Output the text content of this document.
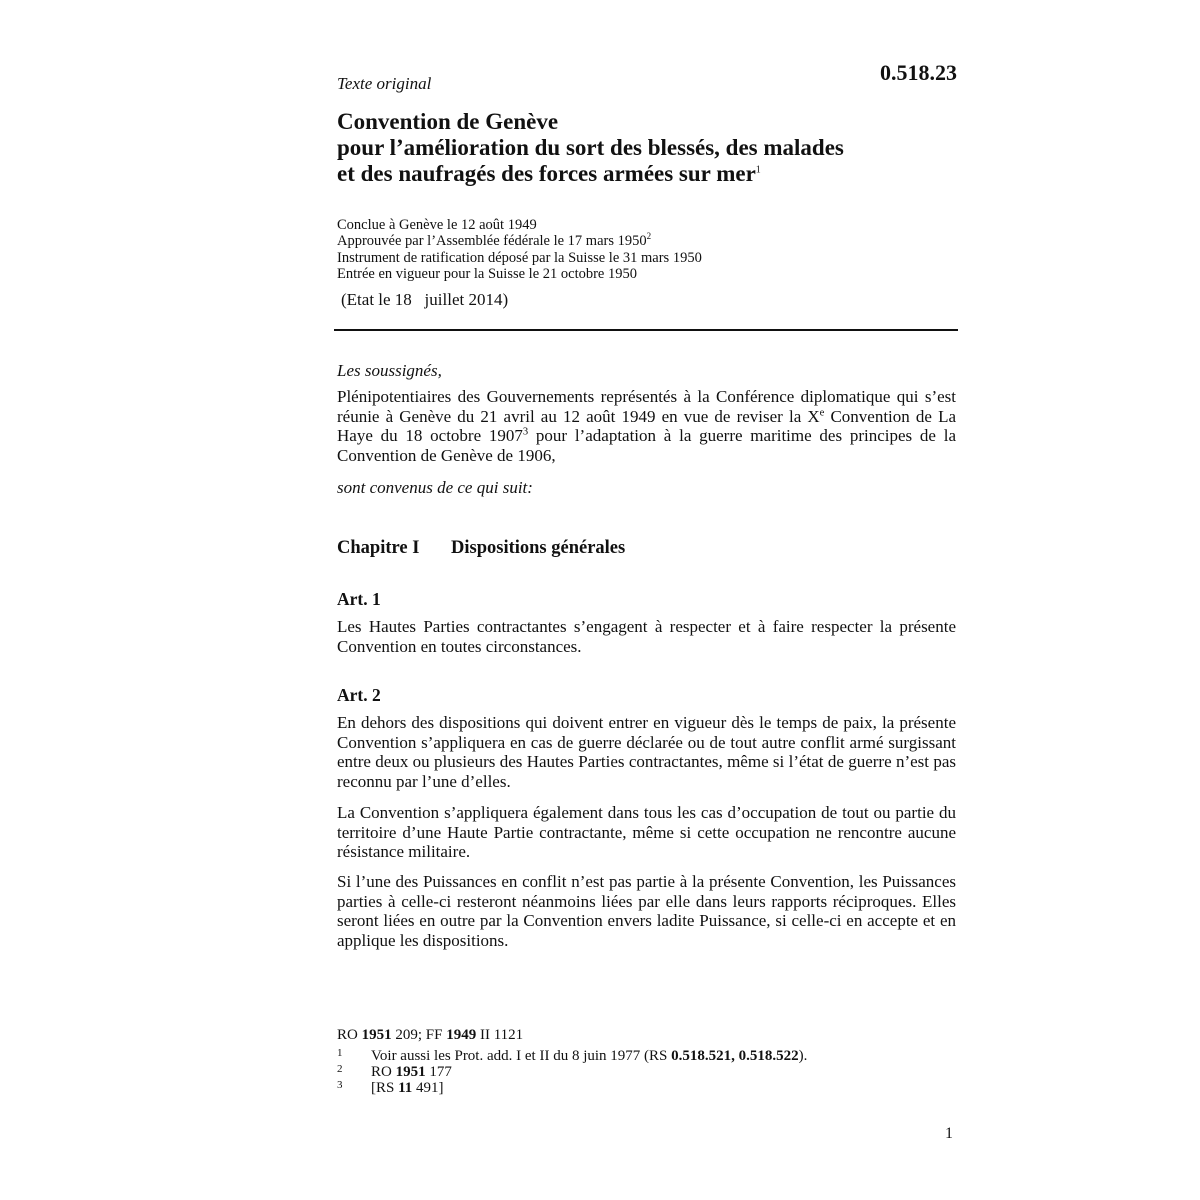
Texte original	0.518.23
Convention de Genève
pour l’amélioration du sort des blessés, des malades
et des naufragés des forces armées sur mer$^1$
Conclue à Genève le 12 août 1949
Approuvée par l’Assemblée fédérale le 17 mars 1950$^2$
Instrument de ratification déposé par la Suisse le 31 mars 1950
Entrée en vigueur pour la Suisse le 21 octobre 1950
(Etat le 18   juillet 2014)
Les soussignés,
Plénipotentiaires des Gouvernements représentés à la Conférence diplomatique qui s’est réunie à Genève du 21 avril au 12 août 1949 en vue de reviser la Xe Convention de La Haye du 18 octobre 1907$^3$ pour l’adaptation à la guerre maritime des principes de la Convention de Genève de 1906,
sont convenus de ce qui suit:
Chapitre I Dispositions générales
Art. 1
Les Hautes Parties contractantes s’engagent à respecter et à faire respecter la présente Convention en toutes circonstances.
Art. 2
En dehors des dispositions qui doivent entrer en vigueur dès le temps de paix, la présente Convention s’appliquera en cas de guerre déclarée ou de tout autre conflit armé surgissant entre deux ou plusieurs des Hautes Parties contractantes, même si l’état de guerre n’est pas reconnu par l’une d’elles.
La Convention s’appliquera également dans tous les cas d’occupation de tout ou partie du territoire d’une Haute Partie contractante, même si cette occupation ne rencontre aucune résistance militaire.
Si l’une des Puissances en conflit n’est pas partie à la présente Convention, les Puissances parties à celle-ci resteront néanmoins liées par elle dans leurs rapports réciproques. Elles seront liées en outre par la Convention envers ladite Puissance, si celle-ci en accepte et en applique les dispositions.
RO 1951 209; FF 1949 II 1121
1 Voir aussi les Prot. add. I et II du 8 juin 1977 (RS 0.518.521, 0.518.522).
2 RO 1951 177
3 [RS 11 491]
1
